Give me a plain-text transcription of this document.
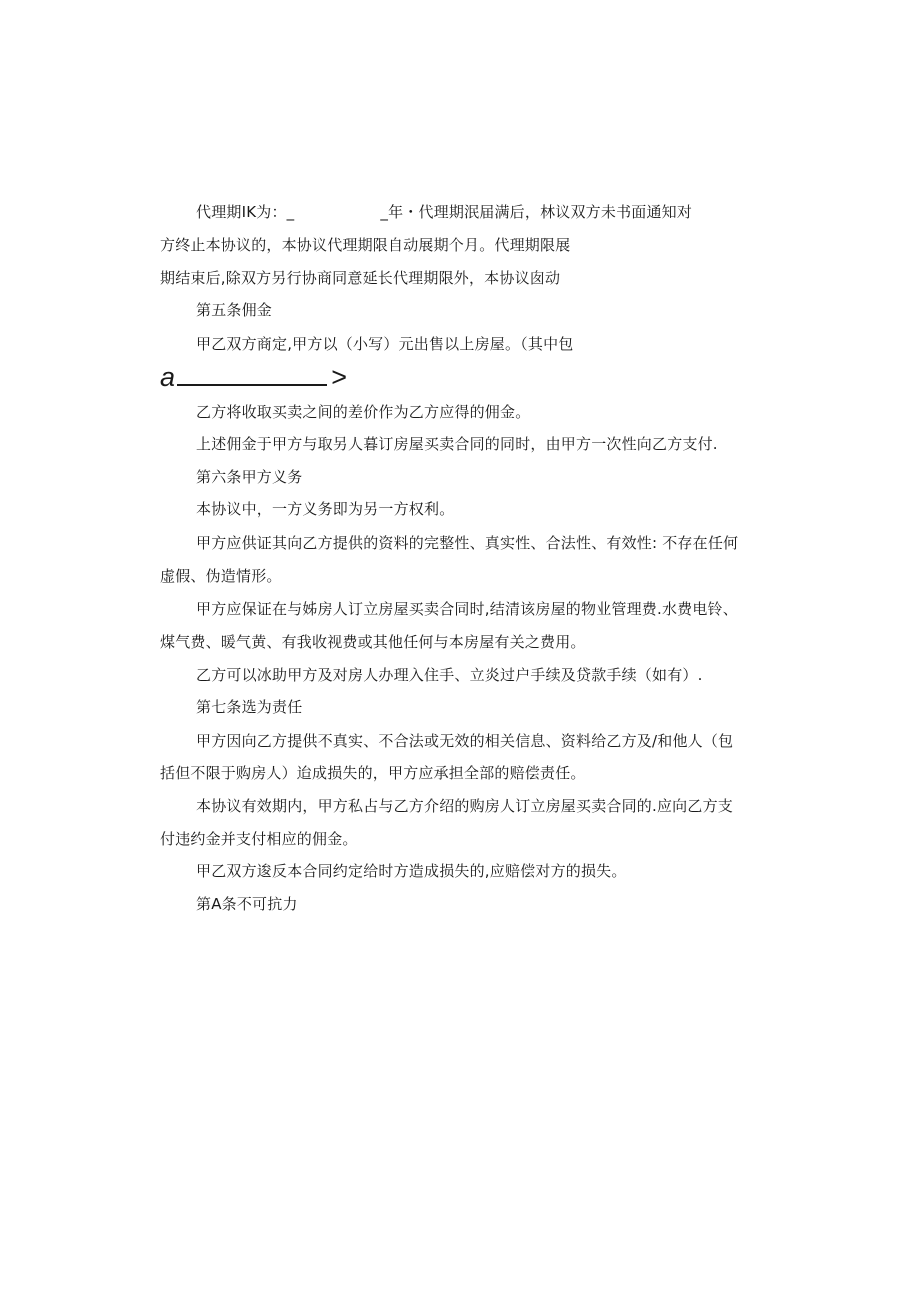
代理期IK为：_	_年・代理期泯届满后，林议双方未书面通知对
方终止本协议的，本协议代理期限自动展期个月。代理期限展
期结束后,除双方另行协商同意延长代理期限外，本协议囱动
第五条佣金
甲乙双方商定,甲方以（小写）元出售以上房屋。（其中包
a	>
乙方将收取买卖之间的差价作为乙方应得的佣金。
上述佣金于甲方与取另人暮订房屋买卖合同的同时，由甲方一次性向乙方支付.
第六条甲方义务
本协议中，一方义务即为另一方权利。
甲方应供证其向乙方提供的资料的完整性、真实性、合法性、有效性: 不存在任何
虚假、伪造情形。
甲方应保证在与姊房人订立房屋买卖合同时,结清该房屋的物业管理费.水费电铃、
煤气费、暖气黄、有我收视费或其他任何与本房屋有关之费用。
乙方可以冰助甲方及对房人办理入住手、立炎过户手续及贷款手续（如有）.
第七条选为责任
甲方因向乙方提供不真实、不合法或无效的相关信息、资料给乙方及/和他人（包
括但不限于购房人）迨成损失的，甲方应承担全部的赔偿责任。
本协议有效期内，甲方私占与乙方介绍的购房人订立房屋买卖合同的.应向乙方支
付违约金并支付相应的佣金。
甲乙双方逡反本合同约定给时方造成损失的,应赔偿对方的损失。
第A条不可抗力
